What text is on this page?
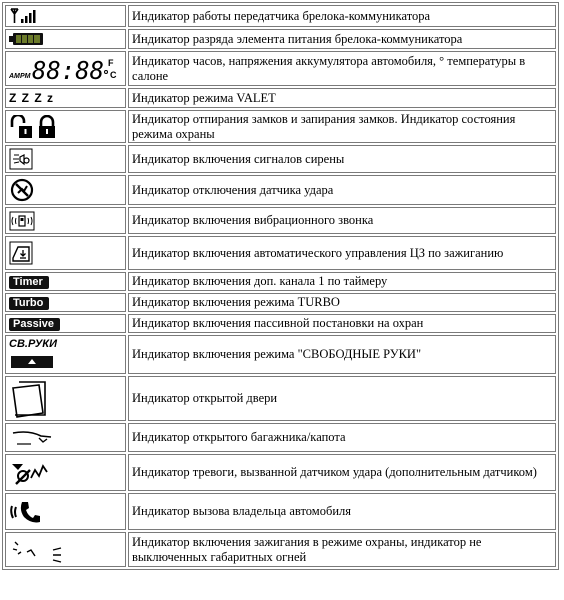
	Индикатор работы передатчика брелока-коммуникатора

	Индикатор разряда элемента питания брелока-коммуникатора

AM PM 88:88 F
C	Индикатор часов, напряжения аккумулятора автомобиля, ° температуры в салоне

Z Z Z z	Индикатор режима VALET

	Индикатор отпирания замков и запирания замков. Индикатор состояния режима охраны

	Индикатор включения сигналов сирены

	Индикатор отключения датчика удара

	Индикатор включения вибрационного звонка

	Индикатор включения автоматического управления ЦЗ по зажиганию
Timer	Индикатор включения доп. канала 1 по таймеру
Turbo	Индикатор включения режима TURBO
Passive	Индикатор включения пассивной постановки на охран

СВ.РУКИ	Индикатор включения режима "СВОБОДНЫЕ РУКИ"

	Индикатор открытой двери

	Индикатор открытого багажника/капота

	Индикатор тревоги, вызванной датчиком удара (дополнительным датчиком)

	Индикатор вызова владельца автомобиля

	Индикатор включения зажигания в режиме охраны, индикатор не выключенных габаритных огней
